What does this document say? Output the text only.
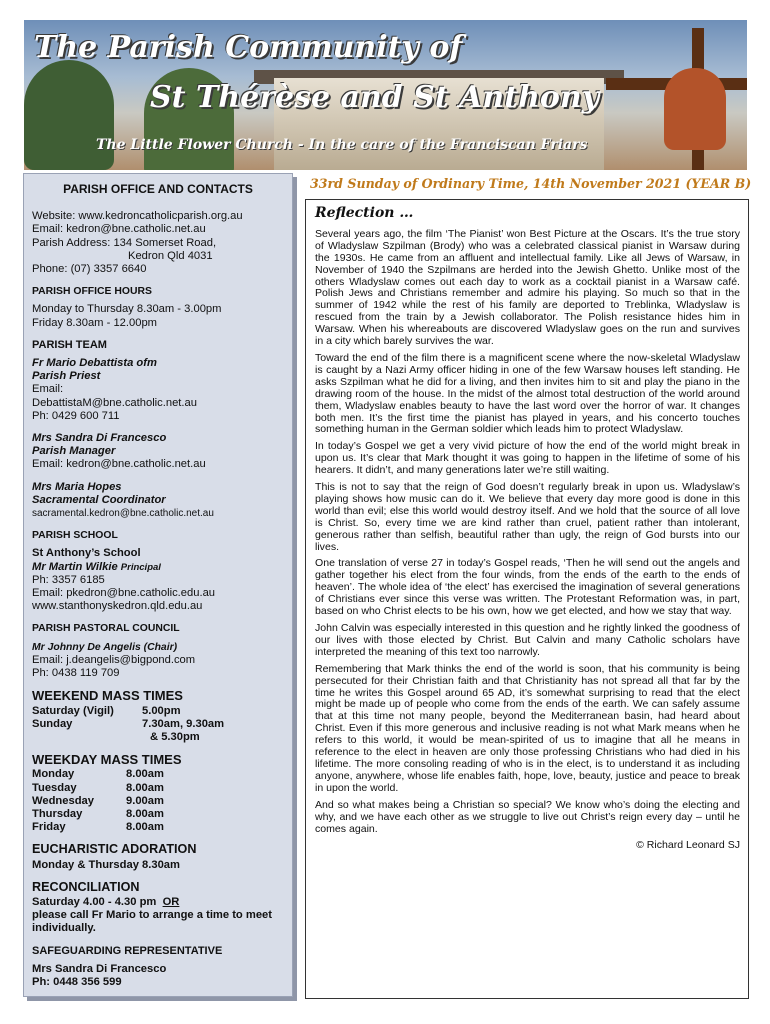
The Parish Community of
St Thérèse and St Anthony

The Little Flower Church - In the care of the Franciscan Friars

PARISH OFFICE AND CONTACTS

Website: www.kedroncatholicparish.org.au

Email: kedron@bne.catholic.net.au

Parish Address: 134 Somerset Road,

Kedron Qld 4031

Phone: (07) 3357 6640

PARISH OFFICE HOURS

Monday to Thursday 8.30am - 3.00pm

Friday 8.30am - 12.00pm

PARISH TEAM

Fr Mario Debattista ofm

Parish Priest

Email:

DebattistaM@bne.catholic.net.au

Ph: 0429 600 711

Mrs Sandra Di Francesco

Parish Manager

Email: kedron@bne.catholic.net.au

Mrs Maria Hopes

Sacramental Coordinator

sacramental.kedron@bne.catholic.net.au

PARISH SCHOOL

St Anthony’s School

Mr Martin Wilkie Principal

Ph: 3357 6185

Email: pkedron@bne.catholic.edu.au

www.stanthonyskedron.qld.edu.au

PARISH PASTORAL COUNCIL

Mr Johnny De Angelis (Chair)

Email: j.deangelis@bigpond.com

Ph: 0438 119 709

WEEKEND MASS TIMES

Saturday (Vigil)	5.00pm
Sunday	7.30am, 9.30am
& 5.30pm

WEEKDAY MASS TIMES

Monday	8.00am
Tuesday	8.00am
Wednesday	9.00am
Thursday	8.00am
Friday	8.00am

EUCHARISTIC ADORATION

Monday & Thursday 8.30am

RECONCILIATION

Saturday 4.00 - 4.30 pm OR

please call Fr Mario to arrange a time to meet individually.

SAFEGUARDING REPRESENTATIVE

Mrs Sandra Di Francesco

Ph: 0448 356 599

33rd Sunday of Ordinary Time, 14th November 2021 (YEAR B)

Reflection …

Several years ago, the film ‘The Pianist’ won Best Picture at the Oscars. It’s the true story of Wladyslaw Szpilman (Brody) who was a celebrated classical pianist in Warsaw during the 1930s. He came from an affluent and intellectual family. Like all Jews of Warsaw, in November of 1940 the Szpilmans are herded into the Jewish Ghetto. Unlike most of the others Wladyslaw comes out each day to work as a cocktail pianist in a Warsaw café. Polish Jews and Christians remember and admire his playing. So much so that in the summer of 1942 while the rest of his family are deported to Treblinka, Wladyslaw is rescued from the train by a Jewish collaborator. The Polish resistance hides him in Warsaw. When his whereabouts are discovered Wladyslaw goes on the run and survives in a city which barely survives the war.

Toward the end of the film there is a magnificent scene where the now-skeletal Wladyslaw is caught by a Nazi Army officer hiding in one of the few Warsaw houses left standing. He asks Szpilman what he did for a living, and then invites him to sit and play the piano in the drawing room of the house. In the midst of the almost total destruction of the world around them, Wladyslaw enables beauty to have the last word over the horror of war. It changes both men. It’s the first time the pianist has played in years, and his concerto touches something human in the German soldier which leads him to protect Wladyslaw.

In today’s Gospel we get a very vivid picture of how the end of the world might break in upon us. It’s clear that Mark thought it was going to happen in the lifetime of some of his hearers. It didn’t, and many generations later we’re still waiting.

This is not to say that the reign of God doesn’t regularly break in upon us. Wladyslaw’s playing shows how music can do it. We believe that every day more good is done in this world than evil; else this world would destroy itself. And we hold that the source of all love is Christ. So, every time we are kind rather than cruel, patient rather than intolerant, generous rather than selfish, beautiful rather than ugly, the reign of God bursts into our lives.

One translation of verse 27 in today’s Gospel reads, ‘Then he will send out the angels and gather together his elect from the four winds, from the ends of the earth to the ends of heaven’. The whole idea of ‘the elect’ has exercised the imagination of several generations of Christians ever since this verse was written. The Protestant Reformation was, in part, based on who Christ elects to be his own, how we get elected, and how we stay that way.

John Calvin was especially interested in this question and he rightly linked the goodness of our lives with those elected by Christ. But Calvin and many Catholic scholars have interpreted the meaning of this text too narrowly.

Remembering that Mark thinks the end of the world is soon, that his community is being persecuted for their Christian faith and that Christianity has not spread all that far by the time he writes this Gospel around 65 AD, it’s somewhat surprising to read that the elect might be made up of people who come from the ends of the earth. We can safely assume that at this time not many people, beyond the Mediterranean basin, had heard about Christ. Even if this more generous and inclusive reading is not what Mark means when he refers to this world, it would be mean-spirited of us to imagine that all he means in reference to the elect in heaven are only those professing Christians who had died in his lifetime. The more consoling reading of who is in the elect, is to understand it as including anyone, anywhere, whose life enables faith, hope, love, beauty, justice and peace to break in upon the world.

And so what makes being a Christian so special? We know who’s doing the electing and why, and we have each other as we struggle to live out Christ’s reign every day – until he comes again.

© Richard Leonard SJ
